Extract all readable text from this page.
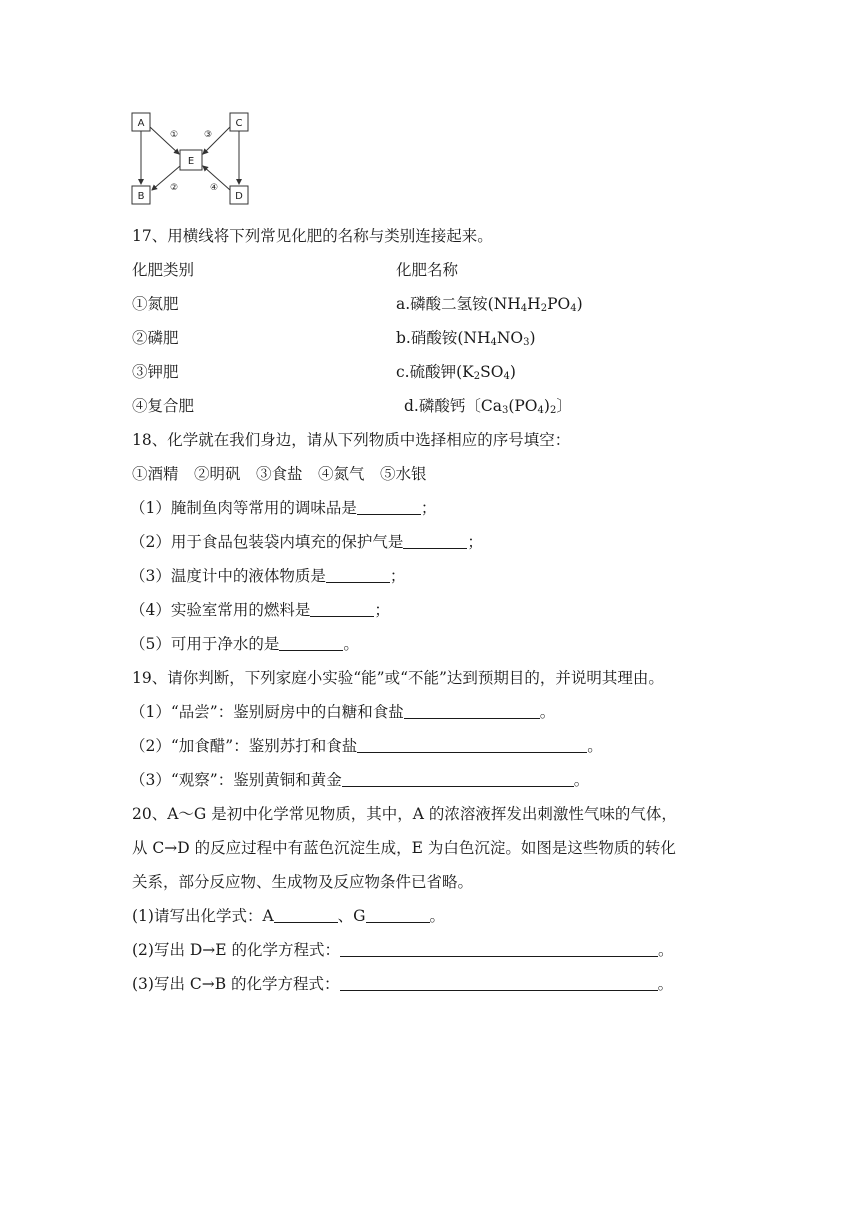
A
B
C
D
E
①
②
③
④
17、用横线将下列常见化肥的名称与类别连接起来。
化肥类别	化肥名称
①氮肥	a.磷酸二氢铵$(NH_4H_2PO_4)$
②磷肥	b.硝酸铵$(NH_4NO_3)$
③钾肥	c.硫酸钾$(K_2SO_4)$
④复合肥	d.磷酸钙〔$Ca_3(PO_4)_2$〕
18、化学就在我们身边，请从下列物质中选择相应的序号填空：
①酒精　②明矾　③食盐　④氮气　⑤水银
（1）腌制鱼肉等常用的调味品是	；
（2）用于食品包装袋内填充的保护气是	；
（3）温度计中的液体物质是	；
（4）实验室常用的燃料是	；
（5）可用于净水的是	。
19、请你判断，下列家庭小实验“能”或“不能”达到预期目的，并说明其理由。
（1）“品尝”：鉴别厨房中的白糖和食盐	。
（2）“加食醋”：鉴别苏打和食盐	。
（3）“观察”：鉴别黄铜和黄金	。
20、A～G 是初中化学常见物质，其中，A 的浓溶液挥发出刺激性气味的气体，
从 C→D 的反应过程中有蓝色沉淀生成，E 为白色沉淀。如图是这些物质的转化
关系，部分反应物、生成物及反应物条件已省略。
(1)请写出化学式：A	、G	。
(2)写出 D→E 的化学方程式：	。
(3)写出 C→B 的化学方程式：	。
